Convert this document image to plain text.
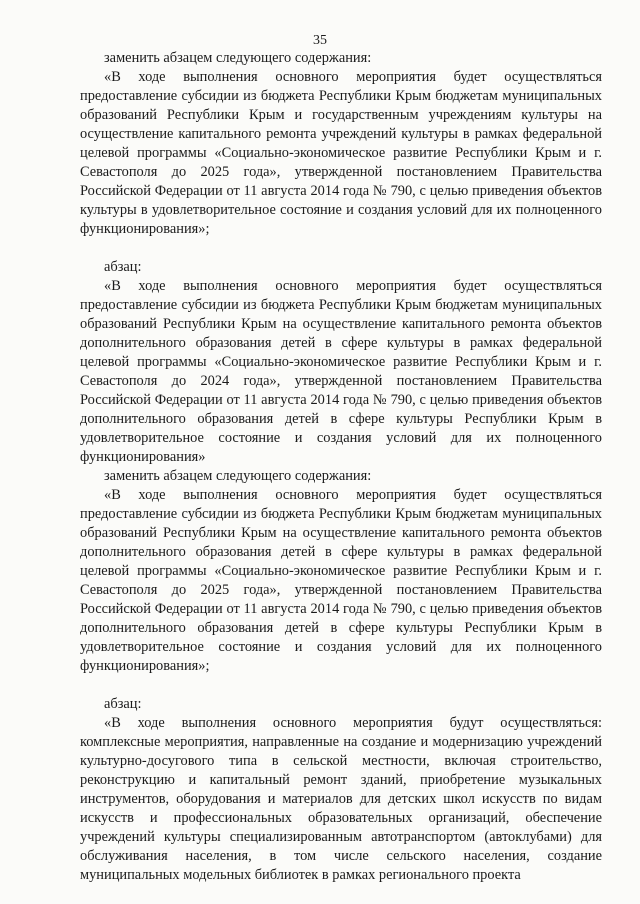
35

заменить абзацем следующего содержания:

«В ходе выполнения основного мероприятия будет осуществляться предоставление субсидии из бюджета Республики Крым бюджетам муниципальных образований Республики Крым и государственным учреждениям культуры на осуществление капитального ремонта учреждений культуры в рамках федеральной целевой программы «Социально-экономическое развитие Республики Крым и г. Севастополя до 2025 года», утвержденной постановлением Правительства Российской Федерации от 11 августа 2014 года № 790, с целью приведения объектов культуры в удовлетворительное состояние и создания условий для их полноценного функционирования»;

абзац:

«В ходе выполнения основного мероприятия будет осуществляться предоставление субсидии из бюджета Республики Крым бюджетам муниципальных образований Республики Крым на осуществление капитального ремонта объектов дополнительного образования детей в сфере культуры в рамках федеральной целевой программы «Социально-экономическое развитие Республики Крым и г. Севастополя до 2024 года», утвержденной постановлением Правительства Российской Федерации от 11 августа 2014 года № 790, с целью приведения объектов дополнительного образования детей в сфере культуры Республики Крым в удовлетворительное состояние и создания условий для их полноценного функционирования»

заменить абзацем следующего содержания:

«В ходе выполнения основного мероприятия будет осуществляться предоставление субсидии из бюджета Республики Крым бюджетам муниципальных образований Республики Крым на осуществление капитального ремонта объектов дополнительного образования детей в сфере культуры в рамках федеральной целевой программы «Социально-экономическое развитие Республики Крым и г. Севастополя до 2025 года», утвержденной постановлением Правительства Российской Федерации от 11 августа 2014 года № 790, с целью приведения объектов дополнительного образования детей в сфере культуры Республики Крым в удовлетворительное состояние и создания условий для их полноценного функционирования»;

абзац:

«В ходе выполнения основного мероприятия будут осуществляться: комплексные мероприятия, направленные на создание и модернизацию учреждений культурно-досугового типа в сельской местности, включая строительство, реконструкцию и капитальный ремонт зданий, приобретение музыкальных инструментов, оборудования и материалов для детских школ искусств по видам искусств и профессиональных образовательных организаций, обеспечение учреждений культуры специализированным автотранспортом (автоклубами) для обслуживания населения, в том числе сельского населения, создание муниципальных модельных библиотек в рамках регионального проекта
